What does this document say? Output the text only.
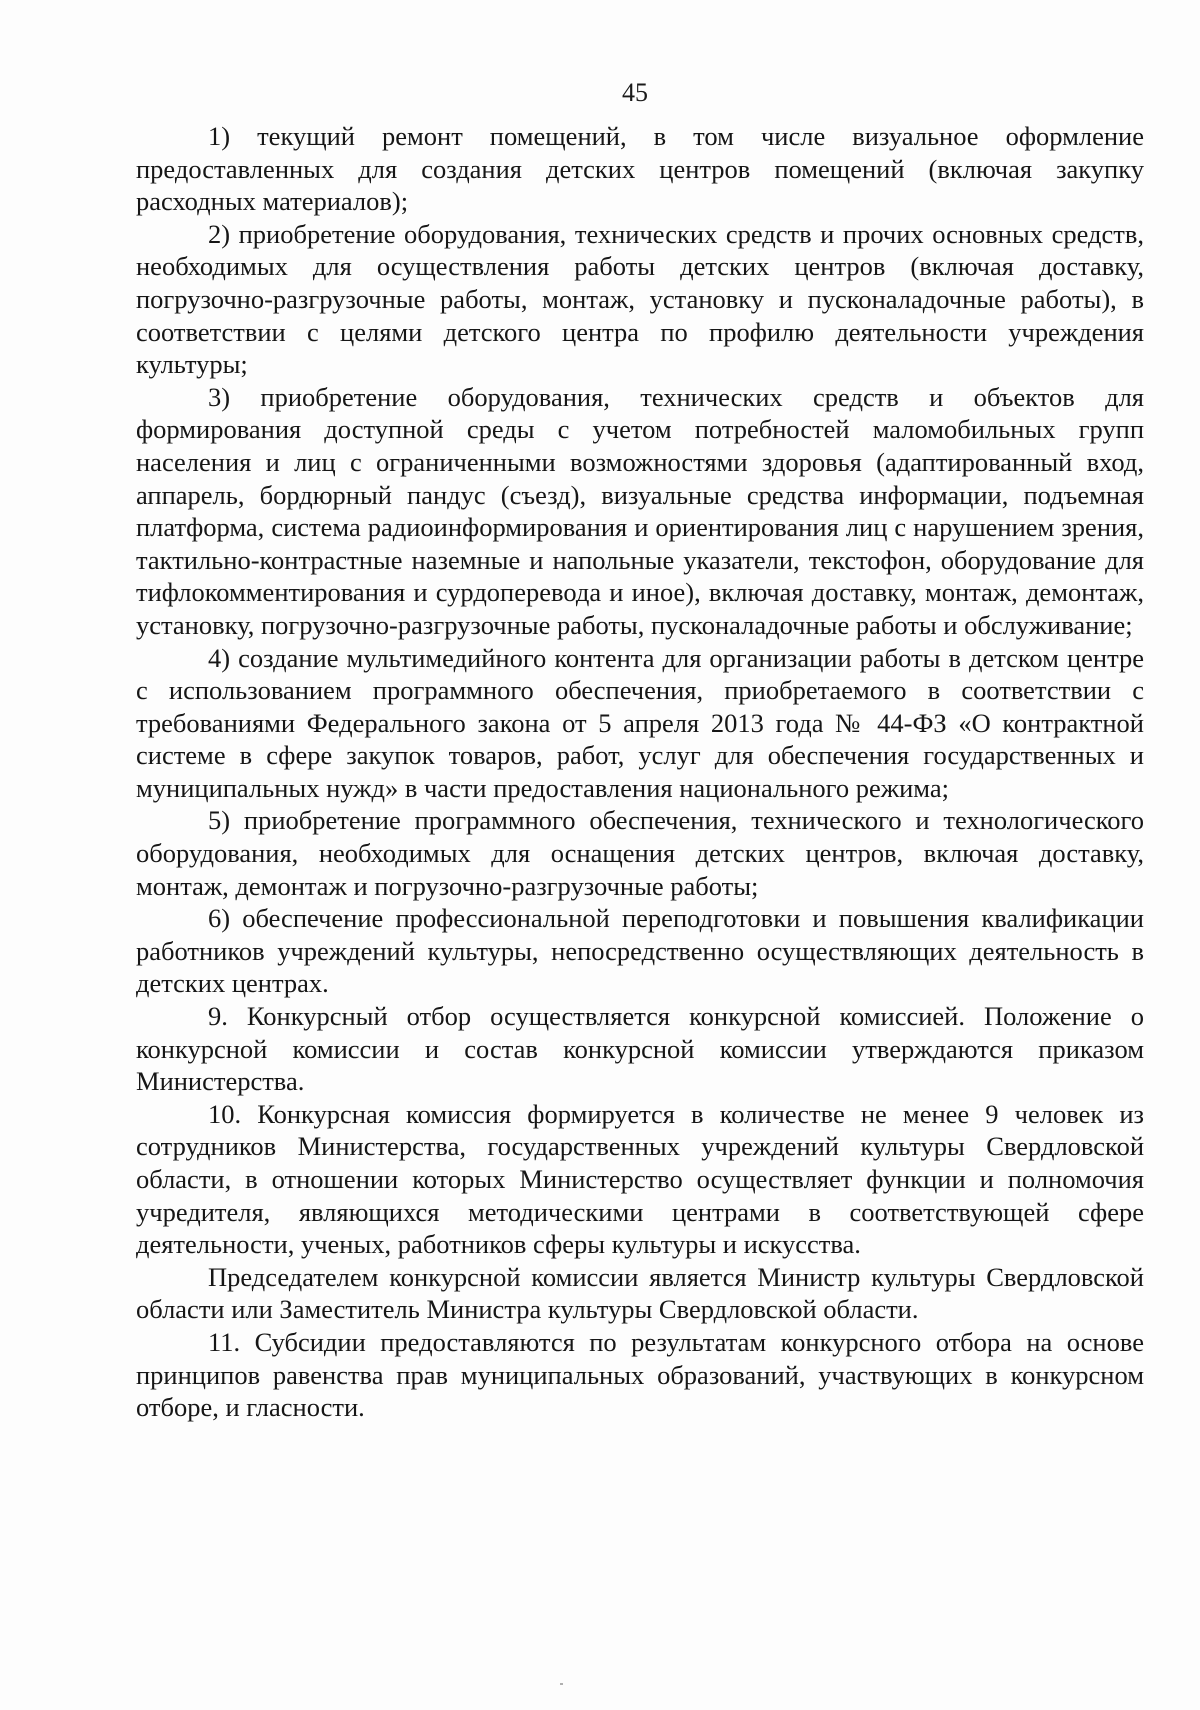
45

1) текущий ремонт помещений, в том числе визуальное оформление предоставленных для создания детских центров помещений (включая закупку расходных материалов);

2) приобретение оборудования, технических средств и прочих основных средств, необходимых для осуществления работы детских центров (включая доставку, погрузочно-разгрузочные работы, монтаж, установку и пусконаладочные работы), в соответствии с целями детского центра по профилю деятельности учреждения культуры;

3) приобретение оборудования, технических средств и объектов для формирования доступной среды с учетом потребностей маломобильных групп населения и лиц с ограниченными возможностями здоровья (адаптированный вход, аппарель, бордюрный пандус (съезд), визуальные средства информации, подъемная платформа, система радиоинформирования и ориентирования лиц с нарушением зрения, тактильно-контрастные наземные и напольные указатели, текстофон, оборудование для тифлокомментирования и сурдоперевода и иное), включая доставку, монтаж, демонтаж, установку, погрузочно-разгрузочные работы, пусконаладочные работы и обслуживание;

4) создание мультимедийного контента для организации работы в детском центре с использованием программного обеспечения, приобретаемого в соответствии с требованиями Федерального закона от 5 апреля 2013 года № 44-ФЗ «О контрактной системе в сфере закупок товаров, работ, услуг для обеспечения государственных и муниципальных нужд» в части предоставления национального режима;

5) приобретение программного обеспечения, технического и технологического оборудования, необходимых для оснащения детских центров, включая доставку, монтаж, демонтаж и погрузочно-разгрузочные работы;

6) обеспечение профессиональной переподготовки и повышения квалификации работников учреждений культуры, непосредственно осуществляющих деятельность в детских центрах.

9. Конкурсный отбор осуществляется конкурсной комиссией. Положение о конкурсной комиссии и состав конкурсной комиссии утверждаются приказом Министерства.

10. Конкурсная комиссия формируется в количестве не менее 9 человек из сотрудников Министерства, государственных учреждений культуры Свердловской области, в отношении которых Министерство осуществляет функции и полномочия учредителя, являющихся методическими центрами в соответствующей сфере деятельности, ученых, работников сферы культуры и искусства.

Председателем конкурсной комиссии является Министр культуры Свердловской области или Заместитель Министра культуры Свердловской области.

11. Субсидии предоставляются по результатам конкурсного отбора на основе принципов равенства прав муниципальных образований, участвующих в конкурсном отборе, и гласности.
